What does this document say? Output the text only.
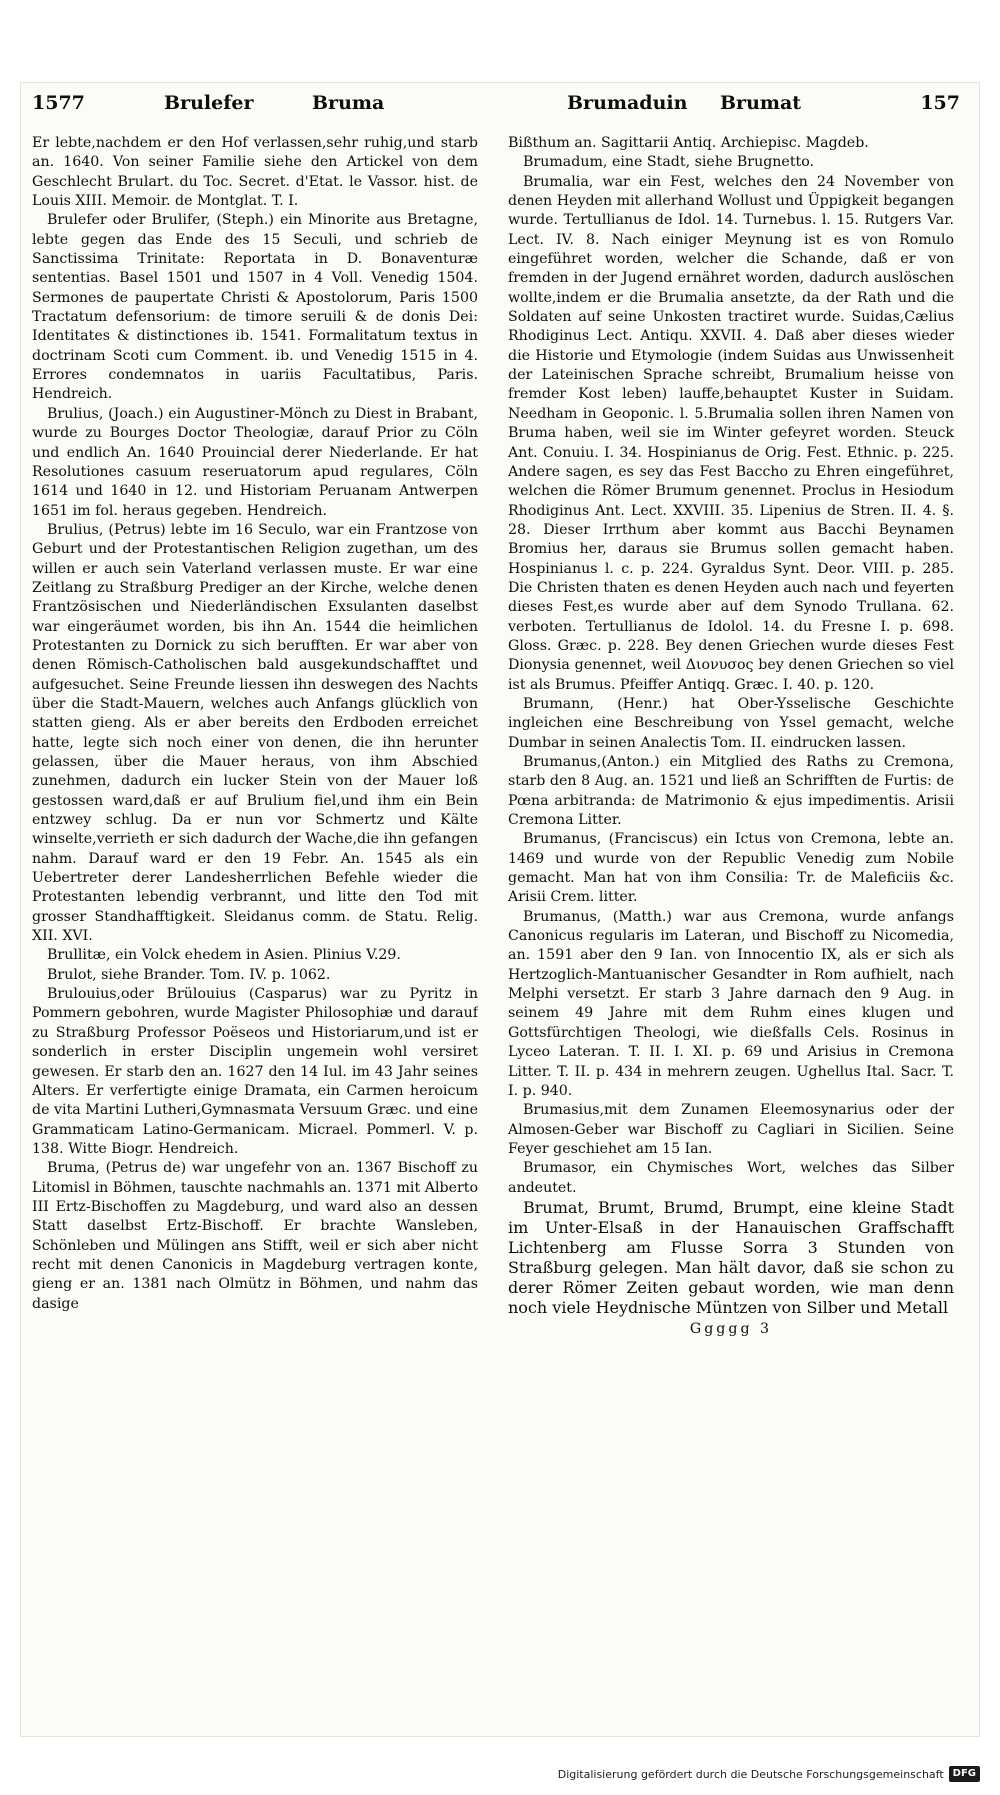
1577	Brulefer	Bruma	Brumaduin Brumat	157

Er lebte,nachdem er den Hof verlassen,sehr ruhig,und starb an. 1640. Von seiner Familie siehe den Artickel von dem Geschlecht Brulart. du Toc. Secret. d'Etat. le Vassor. hist. de Louis XIII. Memoir. de Montglat. T. I.

Brulefer oder Brulifer, (Steph.) ein Minorite aus Bretagne, lebte gegen das Ende des 15 Seculi, und schrieb de Sanctissima Trinitate: Reportata in D. Bonaventuræ sententias. Basel 1501 und 1507 in 4 Voll. Venedig 1504. Sermones de paupertate Christi & Apostolorum, Paris 1500 Tractatum defensorium: de timore seruili & de donis Dei: Identitates & distinctiones ib. 1541. Formalitatum textus in doctrinam Scoti cum Comment. ib. und Venedig 1515 in 4. Errores condemnatos in uariis Facultatibus, Paris. Hendreich.

Brulius, (Joach.) ein Augustiner-Mönch zu Diest in Brabant, wurde zu Bourges Doctor Theologiæ, darauf Prior zu Cöln und endlich An. 1640 Prouincial derer Niederlande. Er hat Resolutiones casuum reseruatorum apud regulares, Cöln 1614 und 1640 in 12. und Historiam Peruanam Antwerpen 1651 im fol. heraus gegeben. Hendreich.

Brulius, (Petrus) lebte im 16 Seculo, war ein Frantzose von Geburt und der Protestantischen Religion zugethan, um des willen er auch sein Vaterland verlassen muste. Er war eine Zeitlang zu Straßburg Prediger an der Kirche, welche denen Frantzösischen und Niederländischen Exsulanten daselbst war eingeräumet worden, bis ihn An. 1544 die heimlichen Protestanten zu Dornick zu sich berufften. Er war aber von denen Römisch-Catholischen bald ausgekundschafftet und aufgesuchet. Seine Freunde liessen ihn deswegen des Nachts über die Stadt-Mauern, welches auch Anfangs glücklich von statten gieng. Als er aber bereits den Erdboden erreichet hatte, legte sich noch einer von denen, die ihn herunter gelassen, über die Mauer heraus, von ihm Abschied zunehmen, dadurch ein lucker Stein von der Mauer loß gestossen ward,daß er auf Brulium fiel,und ihm ein Bein entzwey schlug. Da er nun vor Schmertz und Kälte winselte,verrieth er sich dadurch der Wache,die ihn gefangen nahm. Darauf ward er den 19 Febr. An. 1545 als ein Uebertreter derer Landesherrlichen Befehle wieder die Protestanten lebendig verbrannt, und litte den Tod mit grosser Standhafftigkeit. Sleidanus comm. de Statu. Relig. XII. XVI.

Brullitæ, ein Volck ehedem in Asien. Plinius V.29.

Brulot, siehe Brander. Tom. IV. p. 1062.

Brulouius,oder Brülouius (Casparus) war zu Pyritz in Pommern gebohren, wurde Magister Philosophiæ und darauf zu Straßburg Professor Poëseos und Historiarum,und ist er sonderlich in erster Disciplin ungemein wohl versiret gewesen. Er starb den an. 1627 den 14 Iul. im 43 Jahr seines Alters. Er verfertigte einige Dramata, ein Carmen heroicum de vita Martini Lutheri,Gymnasmata Versuum Græc. und eine Grammaticam Latino-Germanicam. Micrael. Pommerl. V. p. 138. Witte Biogr. Hendreich.

Bruma, (Petrus de) war ungefehr von an. 1367 Bischoff zu Litomisl in Böhmen, tauschte nachmahls an. 1371 mit Alberto III Ertz-Bischoffen zu Magdeburg, und ward also an dessen Statt daselbst Ertz-Bischoff. Er brachte Wansleben, Schönleben und Mülingen ans Stifft, weil er sich aber nicht recht mit denen Canonicis in Magdeburg vertragen konte, gieng er an. 1381 nach Olmütz in Böhmen, und nahm das dasige

Bißthum an. Sagittarii Antiq. Archiepisc. Magdeb.

Brumadum, eine Stadt, siehe Brugnetto.

Brumalia, war ein Fest, welches den 24 November von denen Heyden mit allerhand Wollust und Üppigkeit begangen wurde. Tertullianus de Idol. 14. Turnebus. l. 15. Rutgers Var. Lect. IV. 8. Nach einiger Meynung ist es von Romulo eingeführet worden, welcher die Schande, daß er von fremden in der Jugend ernähret worden, dadurch auslöschen wollte,indem er die Brumalia ansetzte, da der Rath und die Soldaten auf seine Unkosten tractiret wurde. Suidas,Cælius Rhodiginus Lect. Antiqu. XXVII. 4. Daß aber dieses wieder die Historie und Etymologie (indem Suidas aus Unwissenheit der Lateinischen Sprache schreibt, Brumalium heisse von fremder Kost leben) lauffe,behauptet Kuster in Suidam. Needham in Geoponic. l. 5.Brumalia sollen ihren Namen von Bruma haben, weil sie im Winter gefeyret worden. Steuck Ant. Conuiu. I. 34. Hospinianus de Orig. Fest. Ethnic. p. 225. Andere sagen, es sey das Fest Baccho zu Ehren eingeführet, welchen die Römer Brumum genennet. Proclus in Hesiodum Rhodiginus Ant. Lect. XXVIII. 35. Lipenius de Stren. II. 4. §. 28. Dieser Irrthum aber kommt aus Bacchi Beynamen Bromius her, daraus sie Brumus sollen gemacht haben. Hospinianus l. c. p. 224. Gyraldus Synt. Deor. VIII. p. 285. Die Christen thaten es denen Heyden auch nach und feyerten dieses Fest,es wurde aber auf dem Synodo Trullana. 62. verboten. Tertullianus de Idolol. 14. du Fresne I. p. 698. Gloss. Græc. p. 228. Bey denen Griechen wurde dieses Fest Dionysia genennet, weil Διονυσος bey denen Griechen so viel ist als Brumus. Pfeiffer Antiqq. Græc. I. 40. p. 120.

Brumann, (Henr.) hat Ober-Ysselische Geschichte ingleichen eine Beschreibung von Yssel gemacht, welche Dumbar in seinen Analectis Tom. II. eindrucken lassen.

Brumanus,(Anton.) ein Mitglied des Raths zu Cremona, starb den 8 Aug. an. 1521 und ließ an Schrifften de Furtis: de Pœna arbitranda: de Matrimonio & ejus impedimentis. Arisii Cremona Litter.

Brumanus, (Franciscus) ein Ictus von Cremona, lebte an. 1469 und wurde von der Republic Venedig zum Nobile gemacht. Man hat von ihm Consilia: Tr. de Maleficiis &c. Arisii Crem. litter.

Brumanus, (Matth.) war aus Cremona, wurde anfangs Canonicus regularis im Lateran, und Bischoff zu Nicomedia, an. 1591 aber den 9 Ian. von Innocentio IX, als er sich als Hertzoglich-Mantuanischer Gesandter in Rom aufhielt, nach Melphi versetzt. Er starb 3 Jahre darnach den 9 Aug. in seinem 49 Jahre mit dem Ruhm eines klugen und Gottsfürchtigen Theologi, wie dießfalls Cels. Rosinus in Lyceo Lateran. T. II. I. XI. p. 69 und Arisius in Cremona Litter. T. II. p. 434 in mehrern zeugen. Ughellus Ital. Sacr. T. I. p. 940.

Brumasius,mit dem Zunamen Eleemosynarius oder der Almosen-Geber war Bischoff zu Cagliari in Sicilien. Seine Feyer geschiehet am 15 Ian.

Brumasor, ein Chymisches Wort, welches das Silber andeutet.

Brumat, Brumt, Brumd, Brumpt, eine kleine Stadt im Unter-Elsaß in der Hanauischen Graffschafft Lichtenberg am Flusse Sorra 3 Stunden von Straßburg gelegen. Man hält davor, daß sie schon zu derer Römer Zeiten gebaut worden, wie man denn noch viele Heydnische Müntzen von Silber und Metall

Ggggg 3

Digitalisierung gefördert durch die Deutsche Forschungsgemeinschaft DFG
